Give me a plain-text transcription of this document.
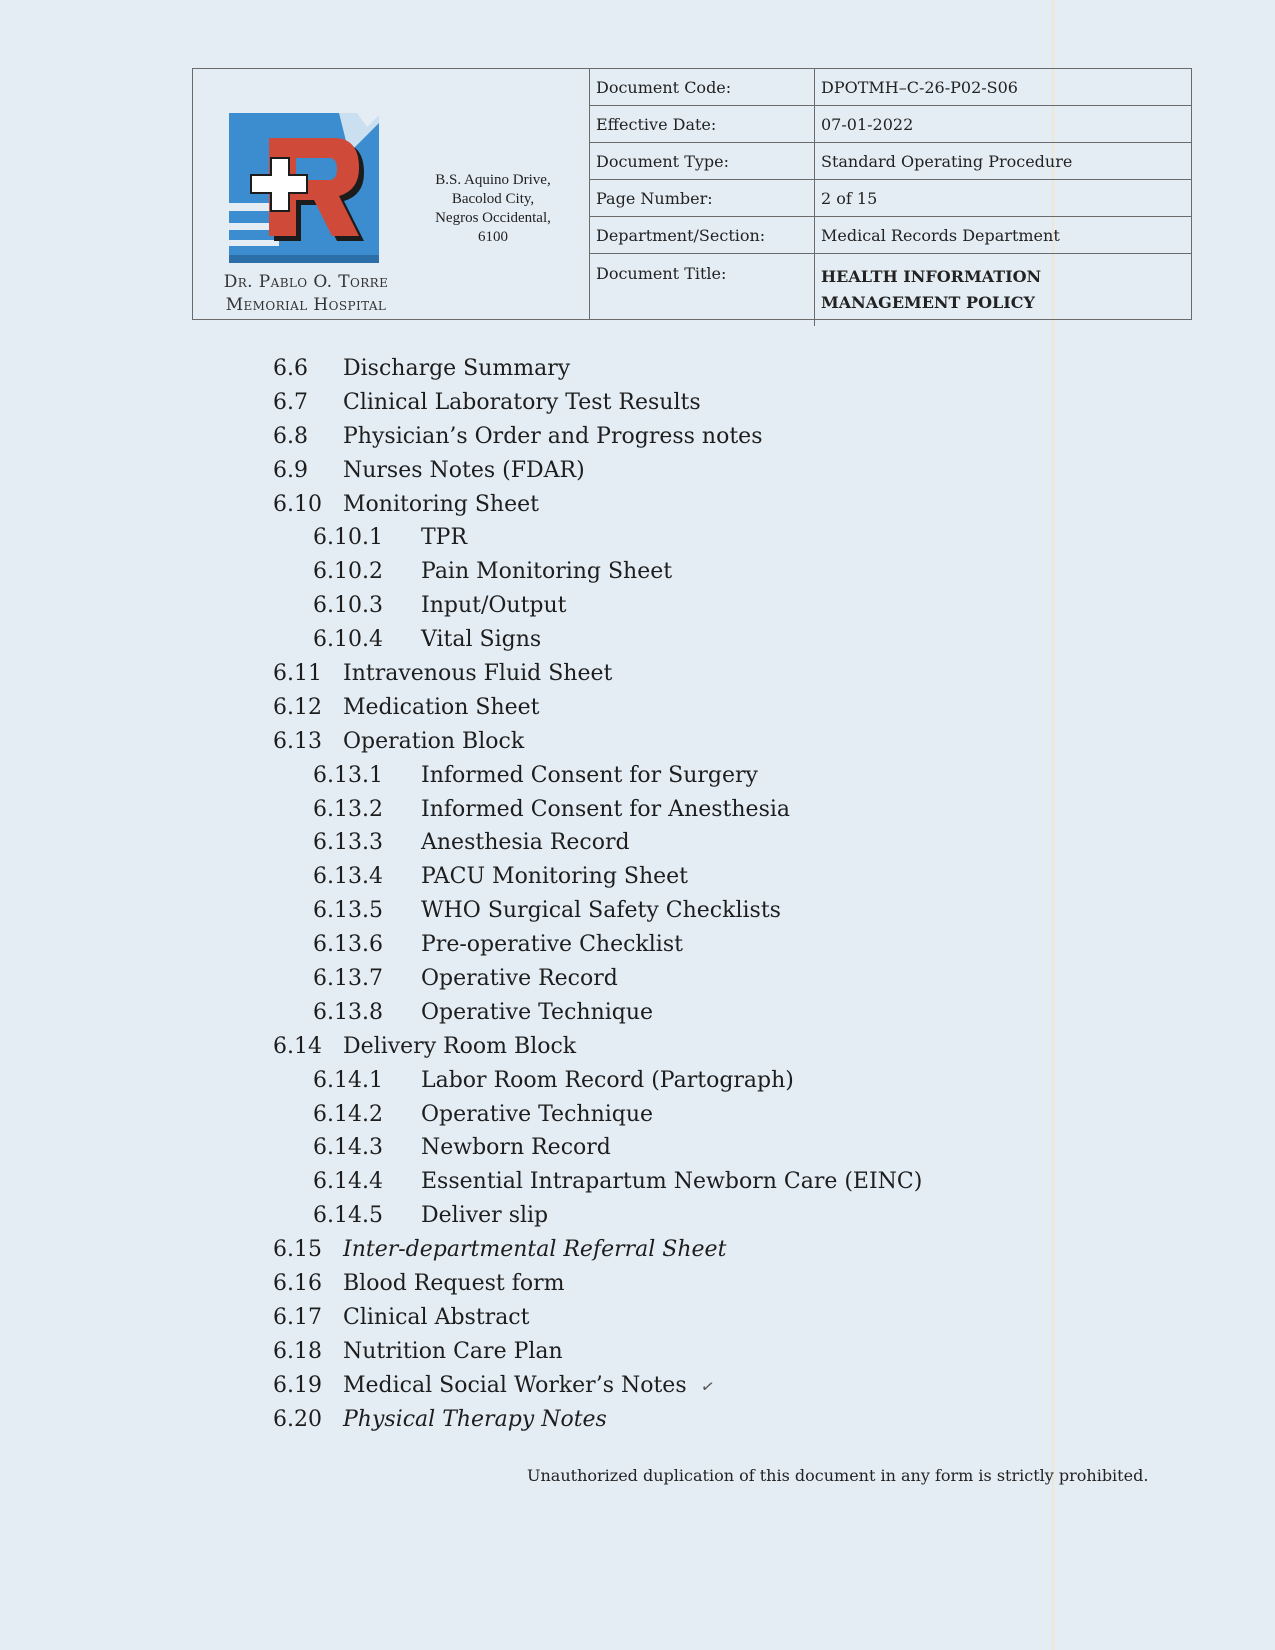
Dr. Pablo O. Torre
Memorial Hospital
B.S. Aquino Drive,
Bacolod City,
Negros Occidental,
6100
Document Code:	DPOTMH–C-26-P02-S06
Effective Date:	07-01-2022
Document Type:	Standard Operating Procedure
Page Number:	2 of 15
Department/Section:	Medical Records Department
Document Title:	HEALTH INFORMATION
MANAGEMENT POLICY
6.6 Discharge Summary
6.7 Clinical Laboratory Test Results
6.8 Physician’s Order and Progress notes
6.9 Nurses Notes (FDAR)
6.10 Monitoring Sheet
6.10.1 TPR
6.10.2 Pain Monitoring Sheet
6.10.3 Input/Output
6.10.4 Vital Signs
6.11 Intravenous Fluid Sheet
6.12 Medication Sheet
6.13 Operation Block
6.13.1 Informed Consent for Surgery
6.13.2 Informed Consent for Anesthesia
6.13.3 Anesthesia Record
6.13.4 PACU Monitoring Sheet
6.13.5 WHO Surgical Safety Checklists
6.13.6 Pre-operative Checklist
6.13.7 Operative Record
6.13.8 Operative Technique
6.14 Delivery Room Block
6.14.1 Labor Room Record (Partograph)
6.14.2 Operative Technique
6.14.3 Newborn Record
6.14.4 Essential Intrapartum Newborn Care (EINC)
6.14.5 Deliver slip
6.15 Inter-departmental Referral Sheet
6.16 Blood Request form
6.17 Clinical Abstract
6.18 Nutrition Care Plan
6.19 Medical Social Worker’s Notes ✓
6.20 Physical Therapy Notes
Unauthorized duplication of this document in any form is strictly prohibited.
